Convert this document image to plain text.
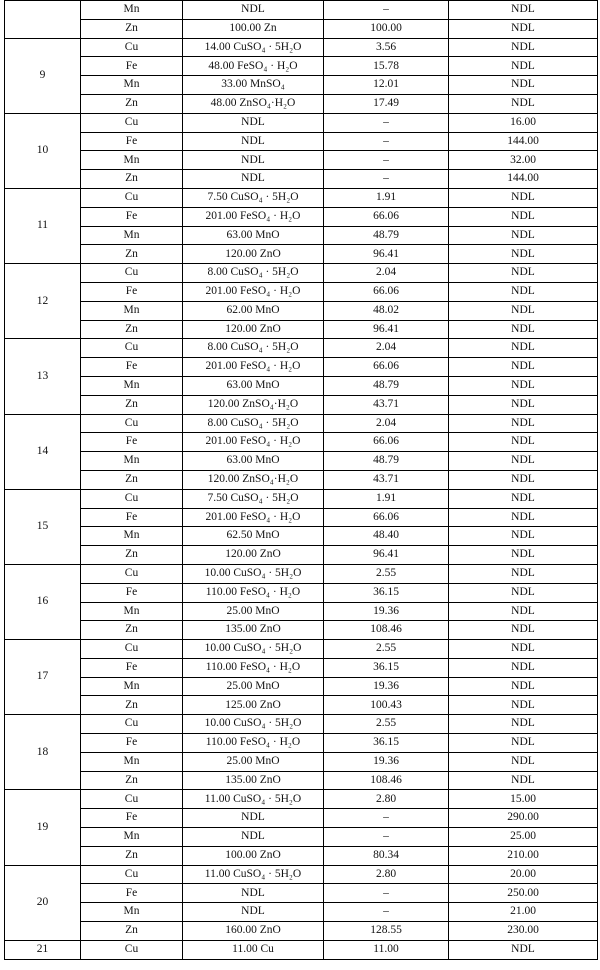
	Mn	NDL	–	NDL
	Zn	100.00 Zn	100.00	NDL
9	Cu	14.00 CuSO₄ · 5H₂O	3.56	NDL
	Fe	48.00 FeSO₄ · H₂O	15.78	NDL
	Mn	33.00 MnSO₄	12.01	NDL
	Zn	48.00 ZnSO₄·H₂O	17.49	NDL
10	Cu	NDL	–	16.00
	Fe	NDL	–	144.00
	Mn	NDL	–	32.00
	Zn	NDL	–	144.00
11	Cu	7.50 CuSO₄ · 5H₂O	1.91	NDL
	Fe	201.00 FeSO₄ · H₂O	66.06	NDL
	Mn	63.00 MnO	48.79	NDL
	Zn	120.00 ZnO	96.41	NDL
12	Cu	8.00 CuSO₄ · 5H₂O	2.04	NDL
	Fe	201.00 FeSO₄ · H₂O	66.06	NDL
	Mn	62.00 MnO	48.02	NDL
	Zn	120.00 ZnO	96.41	NDL
13	Cu	8.00 CuSO₄ · 5H₂O	2.04	NDL
	Fe	201.00 FeSO₄ · H₂O	66.06	NDL
	Mn	63.00 MnO	48.79	NDL
	Zn	120.00 ZnSO₄·H₂O	43.71	NDL
14	Cu	8.00 CuSO₄ · 5H₂O	2.04	NDL
	Fe	201.00 FeSO₄ · H₂O	66.06	NDL
	Mn	63.00 MnO	48.79	NDL
	Zn	120.00 ZnSO₄·H₂O	43.71	NDL
15	Cu	7.50 CuSO₄ · 5H₂O	1.91	NDL
	Fe	201.00 FeSO₄ · H₂O	66.06	NDL
	Mn	62.50 MnO	48.40	NDL
	Zn	120.00 ZnO	96.41	NDL
16	Cu	10.00 CuSO₄ · 5H₂O	2.55	NDL
	Fe	110.00 FeSO₄ · H₂O	36.15	NDL
	Mn	25.00 MnO	19.36	NDL
	Zn	135.00 ZnO	108.46	NDL
17	Cu	10.00 CuSO₄ · 5H₂O	2.55	NDL
	Fe	110.00 FeSO₄ · H₂O	36.15	NDL
	Mn	25.00 MnO	19.36	NDL
	Zn	125.00 ZnO	100.43	NDL
18	Cu	10.00 CuSO₄ · 5H₂O	2.55	NDL
	Fe	110.00 FeSO₄ · H₂O	36.15	NDL
	Mn	25.00 MnO	19.36	NDL
	Zn	135.00 ZnO	108.46	NDL
19	Cu	11.00 CuSO₄ · 5H₂O	2.80	15.00
	Fe	NDL	–	290.00
	Mn	NDL	–	25.00
	Zn	100.00 ZnO	80.34	210.00
20	Cu	11.00 CuSO₄ · 5H₂O	2.80	20.00
	Fe	NDL	–	250.00
	Mn	NDL	–	21.00
	Zn	160.00 ZnO	128.55	230.00
21	Cu	11.00 Cu	11.00	NDL
